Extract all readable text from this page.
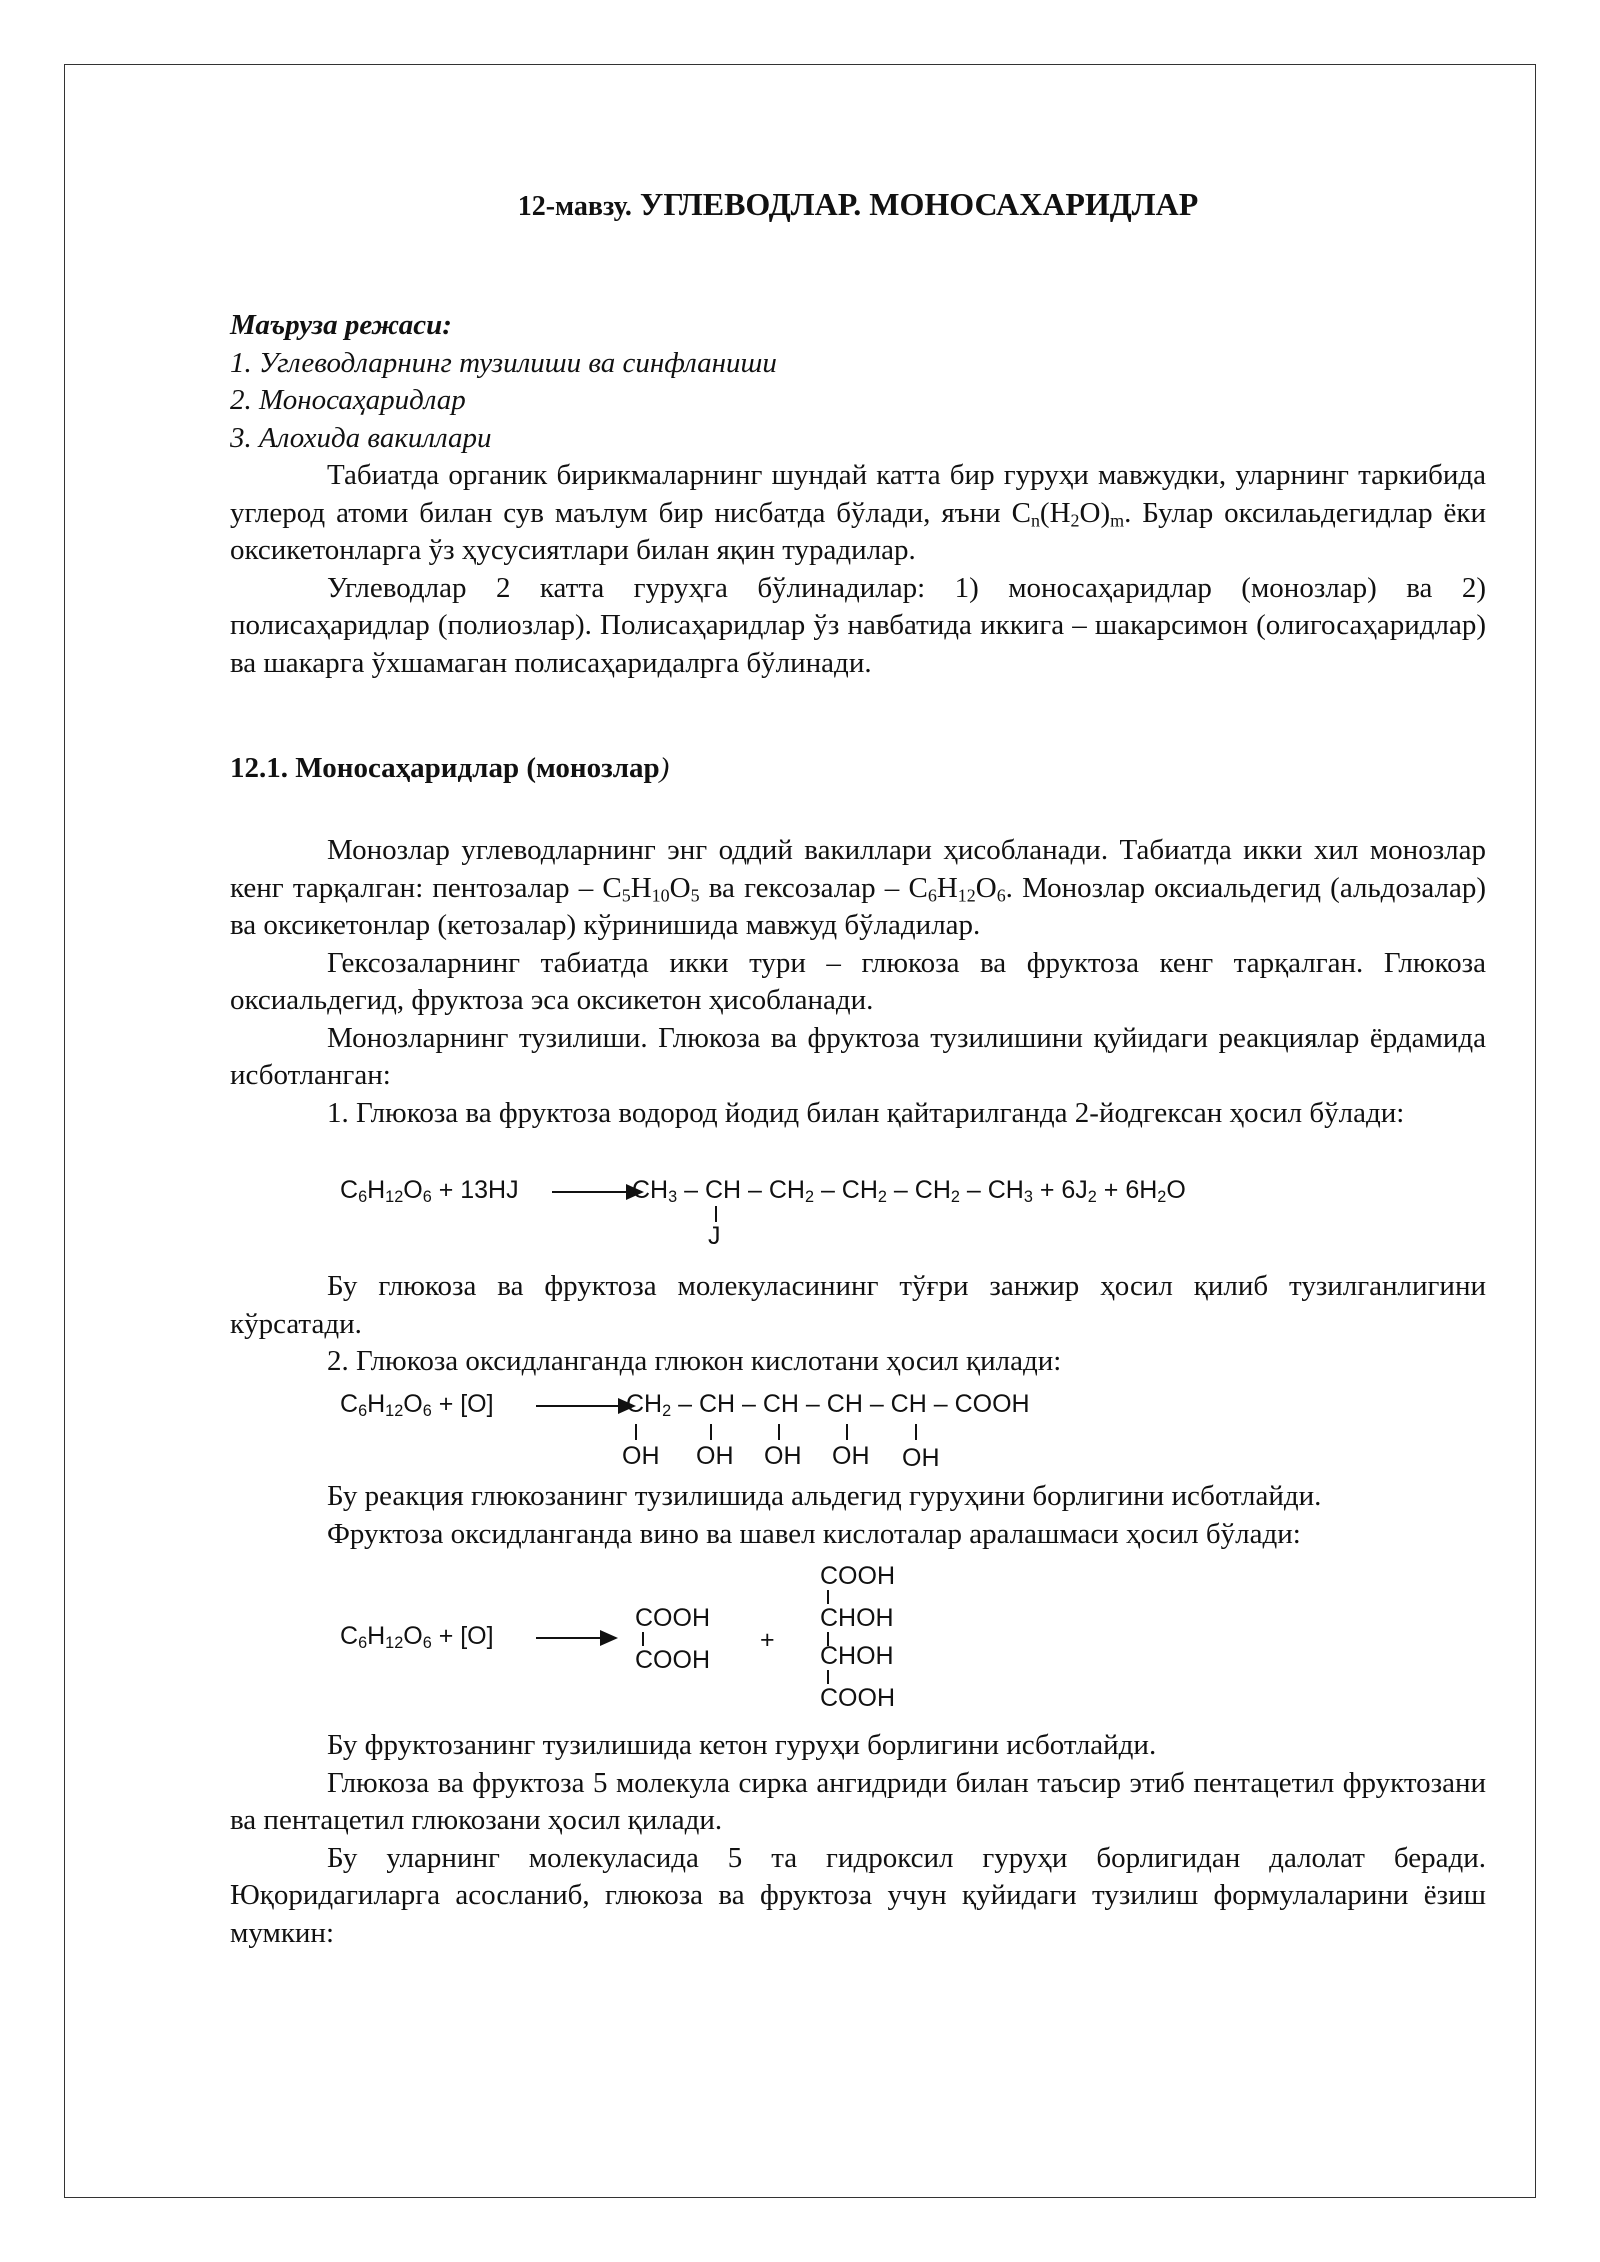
12-мавзу. УГЛЕВОДЛАР. МОНОСАХАРИДЛАР

Маъруза режаси:

1. Углеводларнинг тузилиши ва синфланиши

2. Моносаҳаридлар

3. Алохида вакиллари

Табиатда органик бирикмаларнинг шундай катта бир гуруҳи мавжудки, уларнинг таркибида углерод атоми билан сув маълум бир нисбатда бўлади, яъни $C_n(H_2O)_m$. Булар оксилаьдегидлар ёки оксикетонларга ўз ҳусусиятлари билан яқин турадилар.

Углеводлар 2 катта гуруҳга бўлинадилар: 1) моносаҳаридлар (монозлар) ва 2) полисаҳаридлар (полиозлар). Полисаҳаридлар ўз навбатида иккига – шакарсимон (олигосаҳаридлар) ва шакарга ўхшамаган полисаҳаридалрга бўлинади.

12.1. Моносаҳаридлар (монозлар)

Монозлар углеводларнинг энг оддий вакиллари ҳисобланади. Табиатда икки хил монозлар кенг тарқалган: пентозалар – $C_5H_{10}O_5$ ва гексозалар – $C_6H_{12}O_6$. Монозлар оксиальдегид (альдозалар) ва оксикетонлар (кетозалар) кўринишида мавжуд бўладилар.

Гексозаларнинг табиатда икки тури – глюкоза ва фруктоза кенг тарқалган. Глюкоза оксиальдегид, фруктоза эса оксикетон ҳисобланади.

Монозларнинг тузилиши. Глюкоза ва фруктоза тузилишини қуйидаги реакциялар ёрдамида исботланган:

1. Глюкоза ва фруктоза водород йодид билан қайтарилганда 2-йодгексан ҳосил бўлади:

$C_6H_{12}O_6 + 13HJ$	$CH_3$ – CH – $CH_2 - CH_2 - CH_2 - CH_3 + 6J_2 + 6H_2O$
J

Бу глюкоза ва фруктоза молекуласининг тўғри занжир ҳосил қилиб тузилганлигини кўрсатади.

2. Глюкоза оксидланганда глюкон кислотани ҳосил қилади:

$C_6H_{12}O_6 + [O]$	$CH_2$ – CH – CH – CH – CH – COOH
OH OH OH OH OH

Бу реакция глюкозанинг тузилишида альдегид гуруҳини борлигини исботлайди.

Фруктоза оксидланганда вино ва шавел кислоталар аралашмаси ҳосил бўлади:

$C_6H_{12}O_6 + [O]$
COOH
COOH
+
COOH
CHOH
CHOH
COOH

Бу фруктозанинг тузилишида кетон гуруҳи борлигини исботлайди.

Глюкоза ва фруктоза 5 молекула сирка ангидриди билан таъсир этиб пентацетил фруктозани ва пентацетил глюкозани ҳосил қилади.

Бу уларнинг молекуласида 5 та гидроксил гуруҳи борлигидан далолат беради. Юқоридагиларга асосланиб, глюкоза ва фруктоза учун қуйидаги тузилиш формулаларини ёзиш мумкин:
